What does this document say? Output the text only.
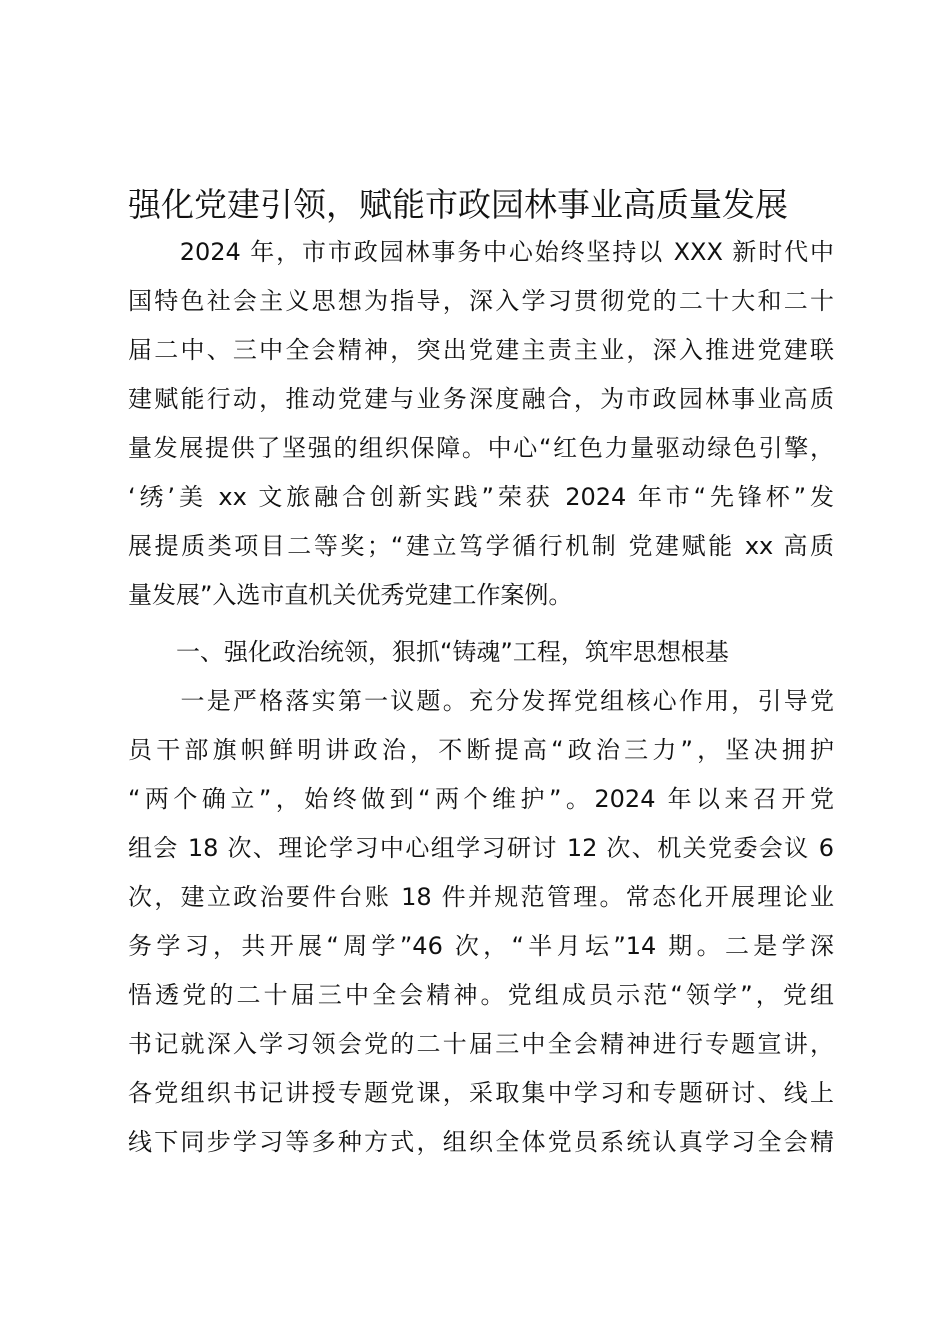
强化党建引领，赋能市政园林事业高质量发展
　　2024 年，市市政园林事务中心始终坚持以 XXX 新时代中
国特色社会主义思想为指导，深入学习贯彻党的二十大和二十
届二中、三中全会精神，突出党建主责主业，深入推进党建联
建赋能行动，推动党建与业务深度融合，为市政园林事业高质
量发展提供了坚强的组织保障。中心“红色力量驱动绿色引擎，
‘绣’美 xx 文旅融合创新实践”荣获 2024 年市“先锋杯”发
展提质类项目二等奖；“建立笃学循行机制 党建赋能 xx 高质
量发展”入选市直机关优秀党建工作案例。
　　一、强化政治统领，狠抓“铸魂”工程，筑牢思想根基
　　一是严格落实第一议题。充分发挥党组核心作用，引导党
员干部旗帜鲜明讲政治，不断提高“政治三力”，坚决拥护
“两个确立”，始终做到“两个维护”。2024 年以来召开党
组会 18 次、理论学习中心组学习研讨 12 次、机关党委会议 6
次，建立政治要件台账 18 件并规范管理。常态化开展理论业
务学习，共开展“周学”46 次，“半月坛”14 期。二是学深
悟透党的二十届三中全会精神。党组成员示范“领学”，党组
书记就深入学习领会党的二十届三中全会精神进行专题宣讲，
各党组织书记讲授专题党课，采取集中学习和专题研讨、线上
线下同步学习等多种方式，组织全体党员系统认真学习全会精
